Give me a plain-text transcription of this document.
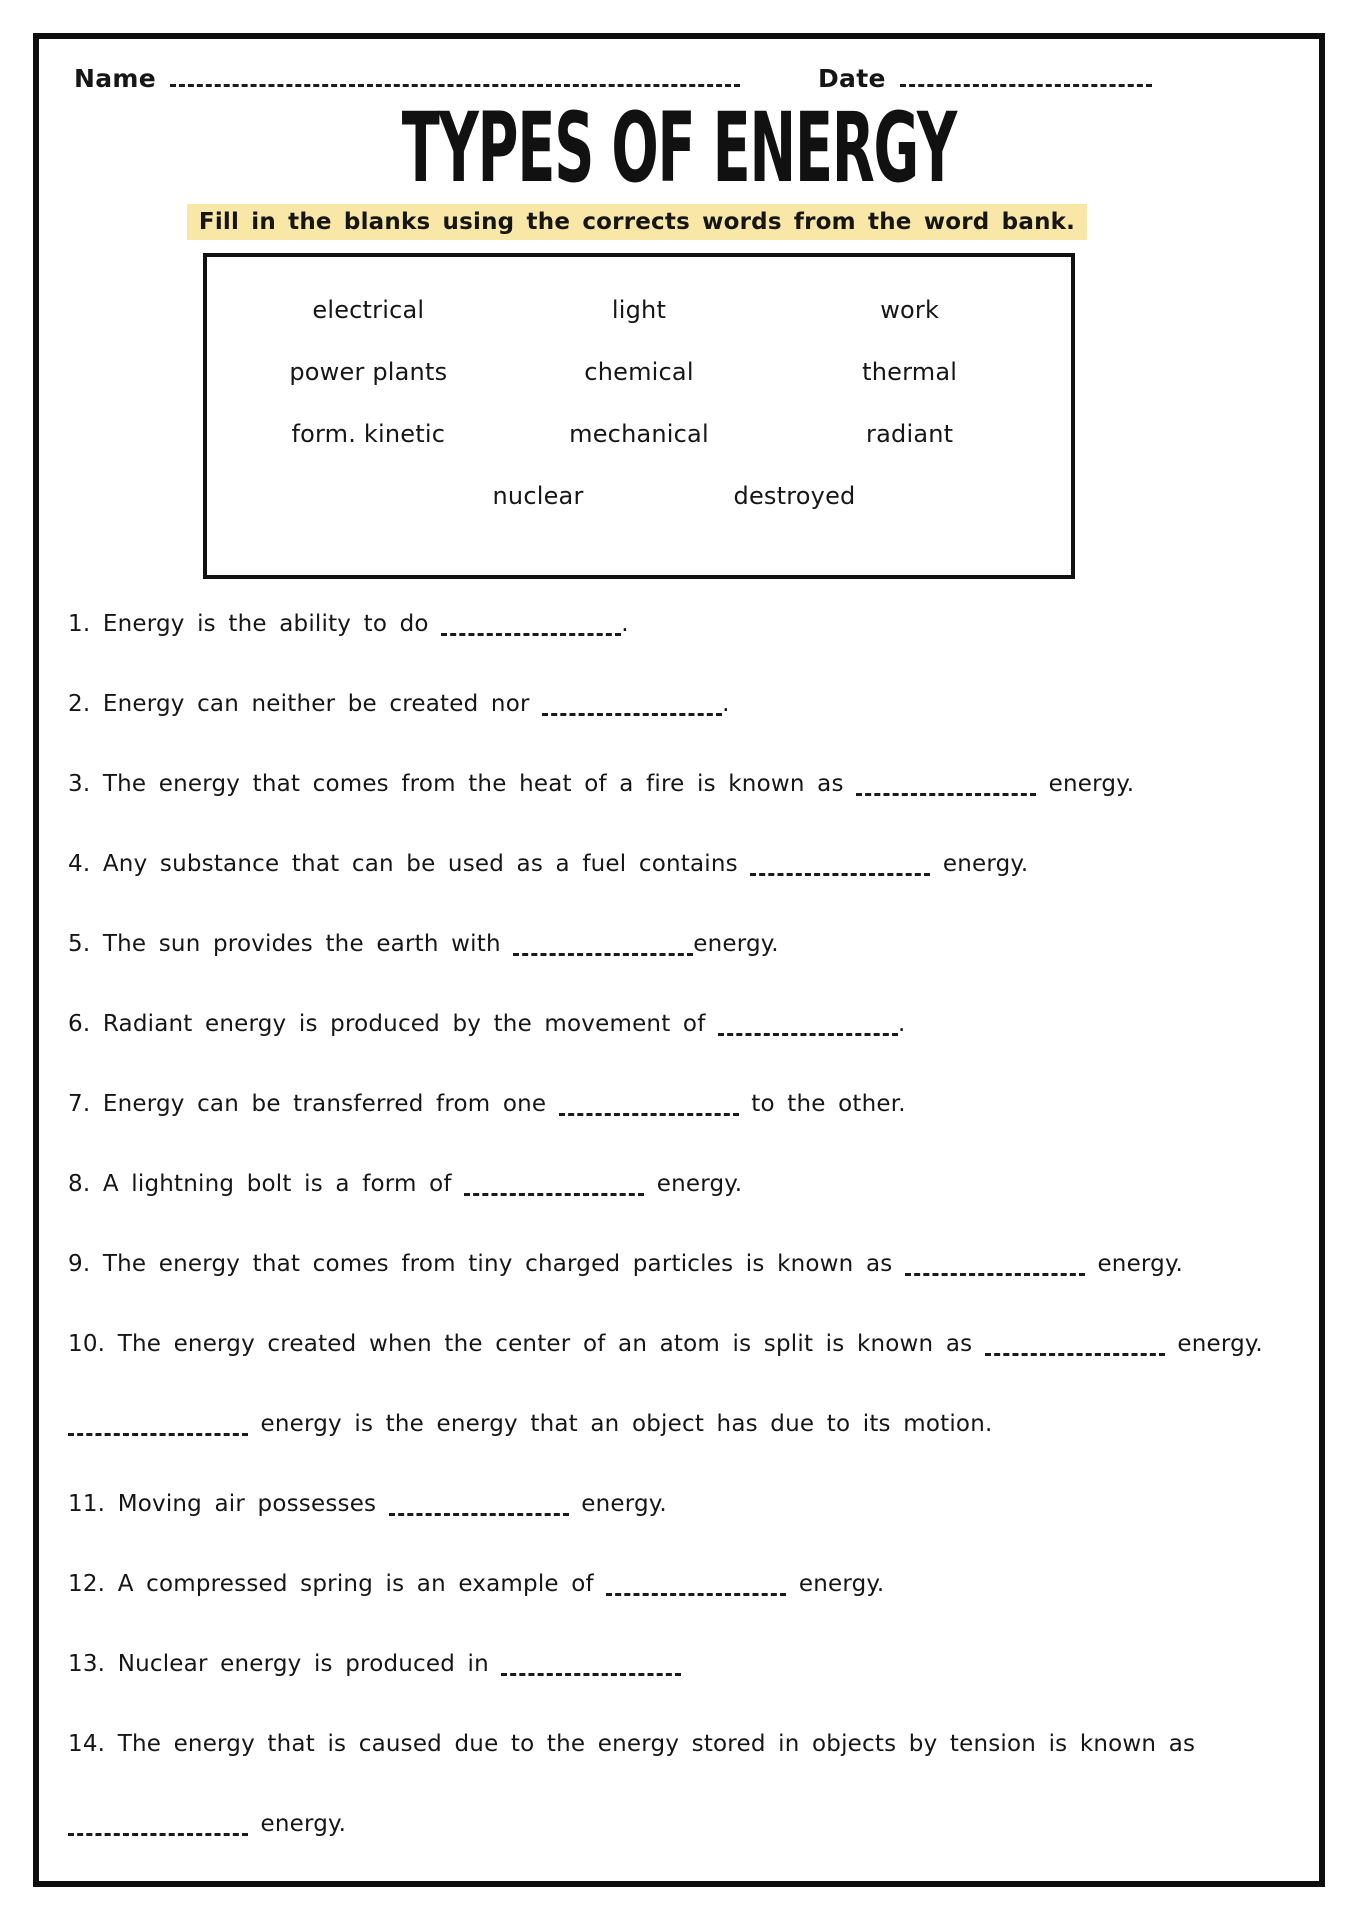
Name	Date
TYPES OF ENERGY
Fill in the blanks using the corrects words from the word bank.
electrical	light	work
power plants	chemical	thermal
form. kinetic	mechanical	radiant
nuclear	destroyed
1. Energy is the ability to do	.
2. Energy can neither be created nor	.
3. The energy that comes from the heat of a fire is known as	energy.
4. Any substance that can be used as a fuel contains	energy.
5. The sun provides the earth with	energy.
6. Radiant energy is produced by the movement of	.
7. Energy can be transferred from one	to the other.
8. A lightning bolt is a form of	energy.
9. The energy that comes from tiny charged particles is known as	energy.
10. The energy created when the center of an atom is split is known as	energy.
energy is the energy that an object has due to its motion.
11. Moving air possesses	energy.
12. A compressed spring is an example of	energy.
13. Nuclear energy is produced in
14. The energy that is caused due to the energy stored in objects by tension is known as
energy.
